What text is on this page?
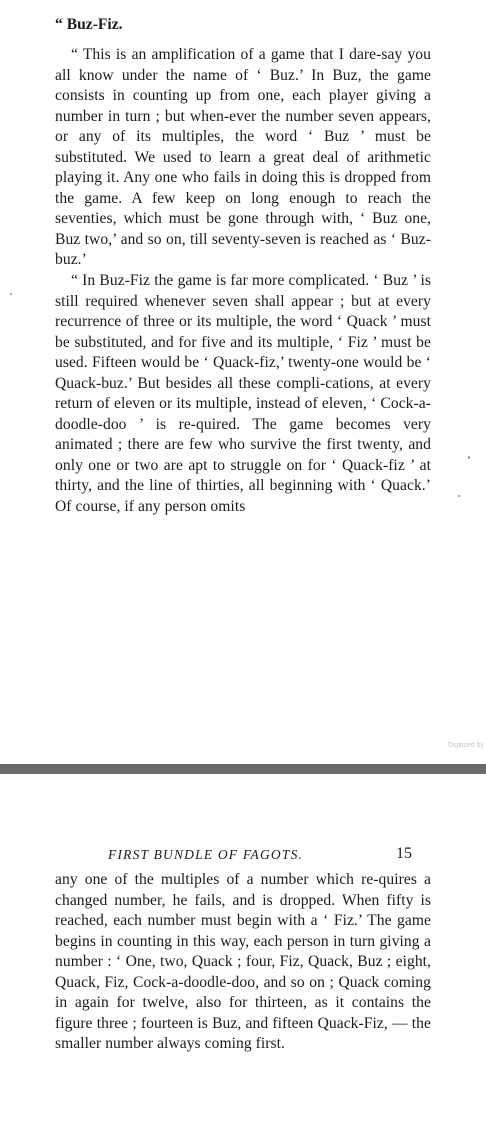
“ Buz-Fiz.

“ This is an amplification of a game that I dare-say you all know under the name of ‘ Buz.’ In Buz, the game consists in counting up from one, each player giving a number in turn ; but when-ever the number seven appears, or any of its multiples, the word ‘ Buz ’ must be substituted. We used to learn a great deal of arithmetic playing it. Any one who fails in doing this is dropped from the game. A few keep on long enough to reach the seventies, which must be gone through with, ‘ Buz one, Buz two,’ and so on, till seventy-seven is reached as ‘ Buz-buz.’

“ In Buz-Fiz the game is far more complicated. ‘ Buz ’ is still required whenever seven shall appear ; but at every recurrence of three or its multiple, the word ‘ Quack ’ must be substituted, and for five and its multiple, ‘ Fiz ’ must be used. Fifteen would be ‘ Quack-fiz,’ twenty-one would be ‘ Quack-buz.’ But besides all these compli-cations, at every return of eleven or its multiple, instead of eleven, ‘ Cock-a-doodle-doo ’ is re-quired. The game becomes very animated ; there are few who survive the first twenty, and only one or two are apt to struggle on for ‘ Quack-fiz ’ at thirty, and the line of thirties, all beginning with ‘ Quack.’ Of course, if any person omits

Digitized by
FIRST BUNDLE OF FAGOTS.	15

any one of the multiples of a number which re-quires a changed number, he fails, and is dropped. When fifty is reached, each number must begin with a ‘ Fiz.’ The game begins in counting in this way, each person in turn giving a number : ‘ One, two, Quack ; four, Fiz, Quack, Buz ; eight, Quack, Fiz, Cock-a-doodle-doo, and so on ; Quack coming in again for twelve, also for thirteen, as it contains the figure three ; fourteen is Buz, and fifteen Quack-Fiz, — the smaller number always coming first.
